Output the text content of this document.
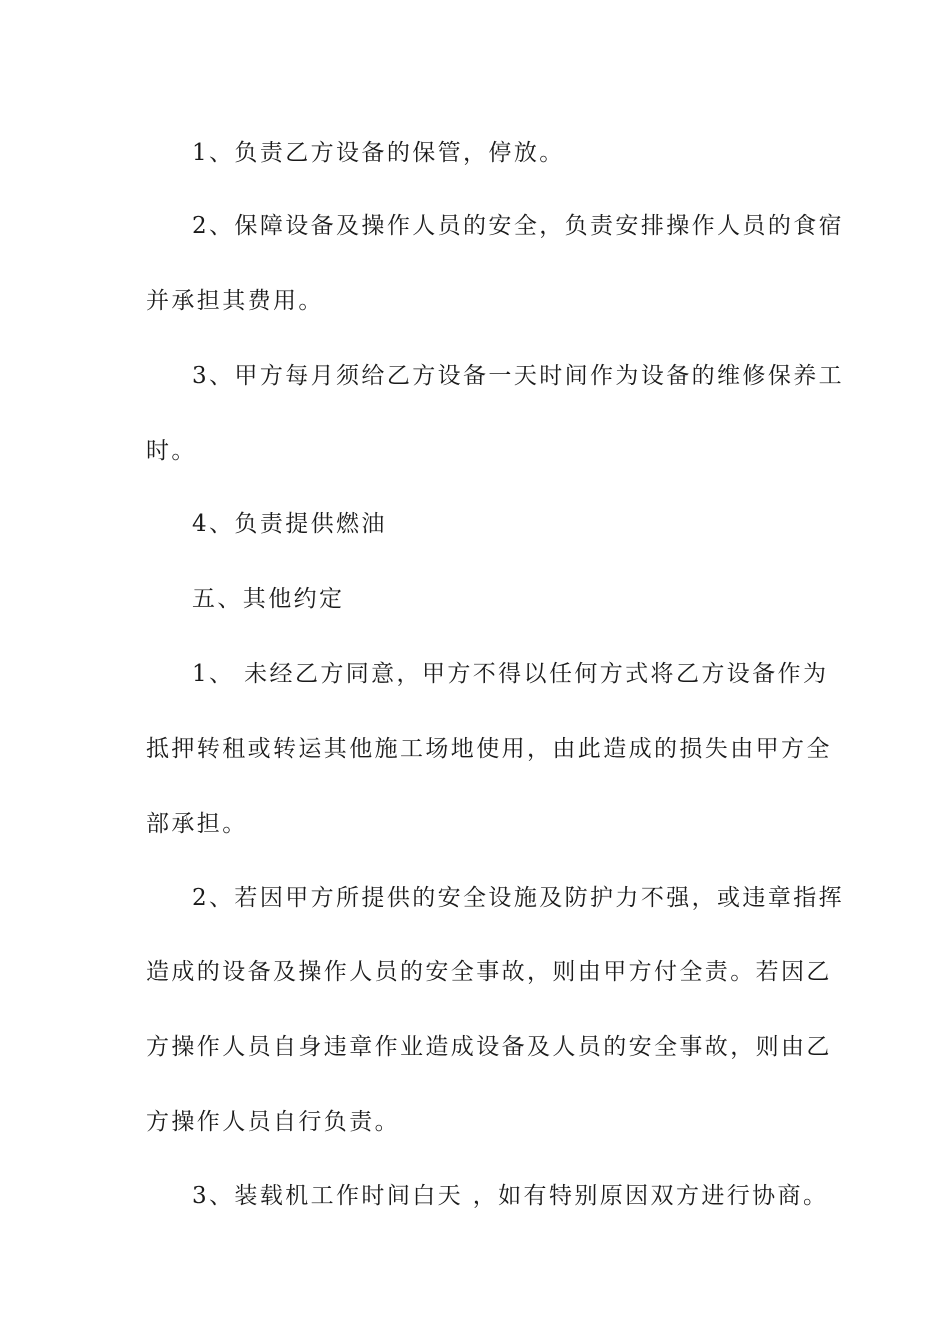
1、负责乙方设备的保管，停放。

2、保障设备及操作人员的安全，负责安排操作人员的食宿

并承担其费用。

3、甲方每月须给乙方设备一天时间作为设备的维修保养工

时。

4、负责提供燃油

五、其他约定

1、 未经乙方同意，甲方不得以任何方式将乙方设备作为

抵押转租或转运其他施工场地使用，由此造成的损失由甲方全

部承担。

2、若因甲方所提供的安全设施及防护力不强，或违章指挥

造成的设备及操作人员的安全事故，则由甲方付全责。若因乙

方操作人员自身违章作业造成设备及人员的安全事故，则由乙

方操作人员自行负责。

3、装载机工作时间白天 ，如有特别原因双方进行协商。
